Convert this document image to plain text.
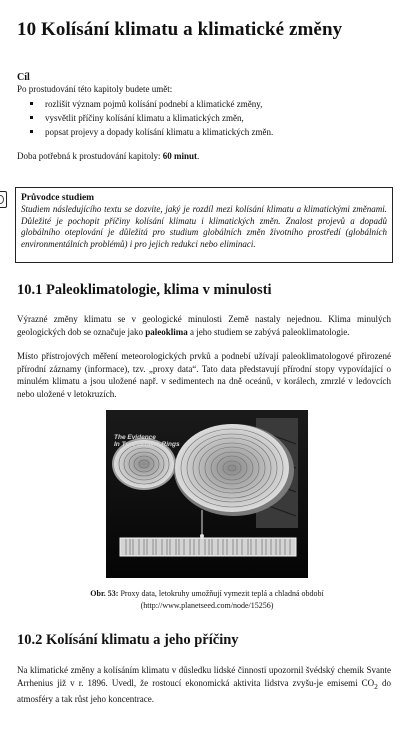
10 Kolísání klimatu a klimatické změny

Cíl

Po prostudování této kapitoly budete umět:

rozlišit význam pojmů kolísání podnebí a klimatické změny,
vysvětlit příčiny kolísání klimatu a klimatických změn,
popsat projevy a dopady kolísání klimatu a klimatických změn.

Doba potřebná k prostudování kapitoly: 60 minut.

Průvodce studiem

Studiem následujícího textu se dozvíte, jaký je rozdíl mezi kolísání klimatu a klimatickými změnami. Důležité je pochopit příčiny kolísání klimatu i klimatických změn. Znalost projevů a dopadů globálního oteplování je důležitá pro studium globálních změn životního prostředí (globálních environmentálních problémů) i pro jejich redukci nebo eliminaci.

10.1 Paleoklimatologie, klima v minulosti

Výrazné změny klimatu se v geologické minulosti Země nastaly nejednou. Klima minulých geologických dob se označuje jako paleoklima a jeho studiem se zabývá paleoklimatologie.

Místo přístrojových měření meteorologických prvků a podnebí užívají paleoklimatologové přirozené přírodní záznamy (informace), tzv. „proxy data“. Tato data představují přírodní stopy vypovídající o minulém klimatu a jsou uložené např. v sedimentech na dně oceánů, v korálech, zmrzlé v ledovcích nebo uložené v letokruzích.

The Evidence
In Tree Growth Rings

Obr. 53: Proxy data, letokruhy umožňují vymezit teplá a chladná období
(http://www.planetseed.com/node/15256)

10.2 Kolísání klimatu a jeho příčiny

Na klimatické změny a kolísáním klimatu v důsledku lidské činnosti upozornil švédský chemik Svante Arrhenius již v r. 1896. Uvedl, že rostoucí ekonomická aktivita lidstva zvyšu-je emisemi $CO_2$ do atmosféry a tak růst jeho koncentrace.
